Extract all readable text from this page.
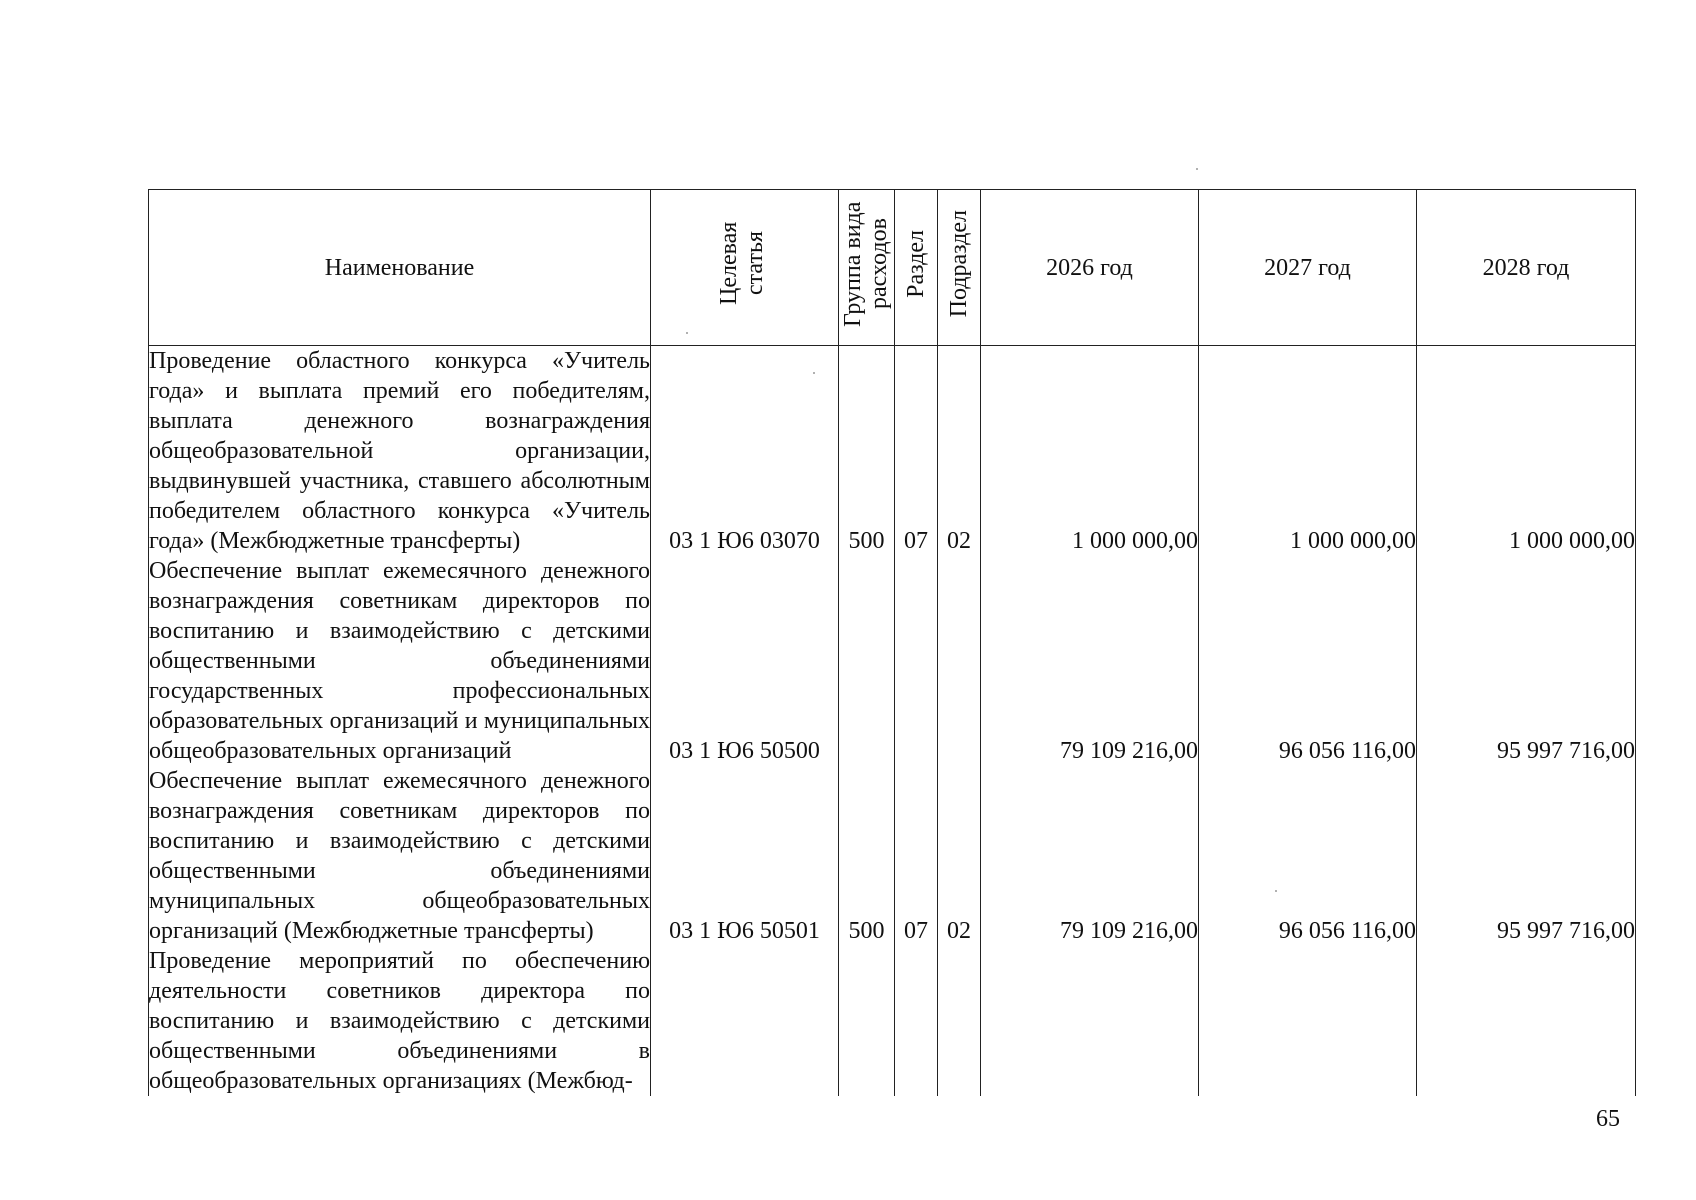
Наименование	Целевая статья	Группа вида расходов	Раздел	Подраздел	2026 год	2027 год	2028 год
Проведение областного конкурса «Учитель года» и выплата премий его победителям, выплата денежного вознаграждения общеобразовательной организации, выдвинувшей участника, ставшего абсолютным победителем областного конкурса «Учитель года» (Межбюджетные трансферты)	03 1 Ю6 03070	500	07	02	1 000 000,00	1 000 000,00	1 000 000,00
Обеспечение выплат ежемесячного денежного вознаграждения советникам директоров по воспитанию и взаимодействию с детскими общественными объединениями государственных профессиональных образовательных организаций и муниципальных общеобразовательных организаций	03 1 Ю6 50500				79 109 216,00	96 056 116,00	95 997 716,00
Обеспечение выплат ежемесячного денежного вознаграждения советникам директоров по воспитанию и взаимодействию с детскими общественными объединениями муниципальных общеобразовательных организаций (Межбюджетные трансферты)	03 1 Ю6 50501	500	07	02	79 109 216,00	96 056 116,00	95 997 716,00
Проведение мероприятий по обеспечению деятельности советников директора по воспитанию и взаимодействию с детскими общественными объединениями в общеобразовательных организациях (Межбюд-							
65
